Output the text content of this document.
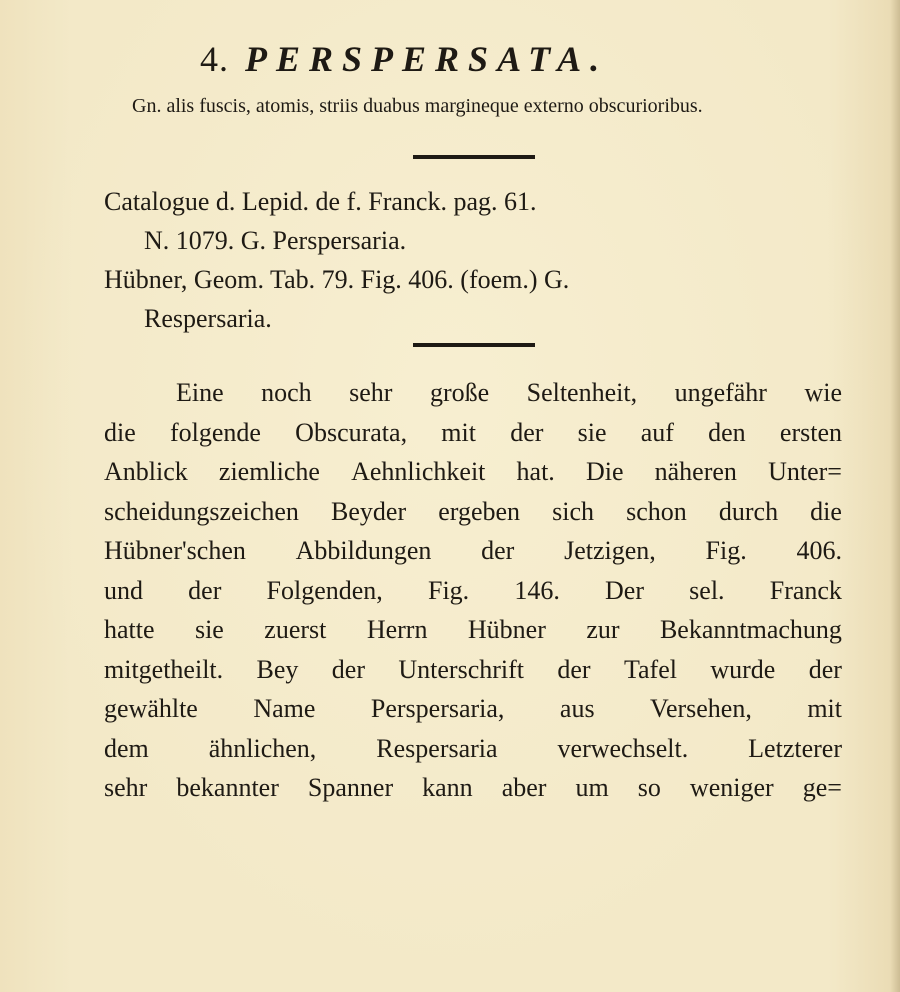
4. PERSPERSATA.
Gn. alis fuscis, atomis, striis duabus margineque externo obscurioribus.
Catalogue d. Lepid. de f. Franck. pag. 61.
N. 1079. G. Perspersaria.
Hübner, Geom. Tab. 79. Fig. 406. (foem.) G.
Respersaria.
Eine noch sehr große Seltenheit, ungefähr wie
die folgende Obscurata, mit der sie auf den ersten
Anblick ziemliche Aehnlichkeit hat. Die näheren Unter=
scheidungszeichen Beyder ergeben sich schon durch die
Hübner'schen Abbildungen der Jetzigen, Fig. 406.
und der Folgenden, Fig. 146. Der sel. Franck
hatte sie zuerst Herrn Hübner zur Bekanntmachung
mitgetheilt. Bey der Unterschrift der Tafel wurde der
gewählte Name Perspersaria, aus Versehen, mit
dem ähnlichen, Respersaria verwechselt. Letzterer
sehr bekannter Spanner kann aber um so weniger ge=
